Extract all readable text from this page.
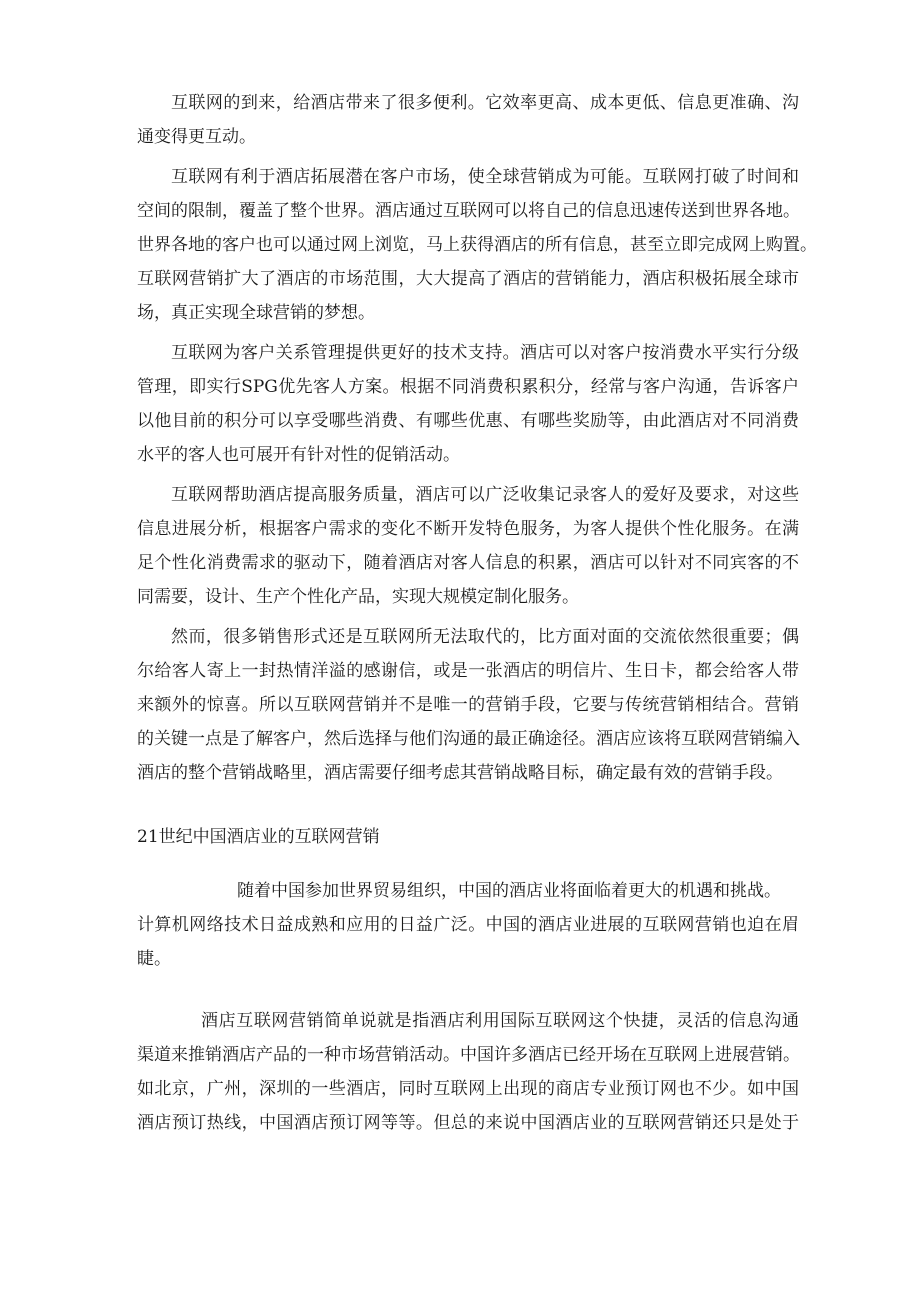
互联网的到来，给酒店带来了很多便利。它效率更高、成本更低、信息更准确、沟
通变得更互动。
互联网有利于酒店拓展潜在客户市场，使全球营销成为可能。互联网打破了时间和
空间的限制，覆盖了整个世界。酒店通过互联网可以将自己的信息迅速传送到世界各地。
世界各地的客户也可以通过网上浏览，马上获得酒店的所有信息，甚至立即完成网上购置。
互联网营销扩大了酒店的市场范围，大大提高了酒店的营销能力，酒店积极拓展全球市
场，真正实现全球营销的梦想。
互联网为客户关系管理提供更好的技术支持。酒店可以对客户按消费水平实行分级
管理，即实行SPG优先客人方案。根据不同消费积累积分，经常与客户沟通，告诉客户
以他目前的积分可以享受哪些消费、有哪些优惠、有哪些奖励等，由此酒店对不同消费
水平的客人也可展开有针对性的促销活动。
互联网帮助酒店提高服务质量，酒店可以广泛收集记录客人的爱好及要求，对这些
信息进展分析，根据客户需求的变化不断开发特色服务，为客人提供个性化服务。在满
足个性化消费需求的驱动下，随着酒店对客人信息的积累，酒店可以针对不同宾客的不
同需要，设计、生产个性化产品，实现大规模定制化服务。
然而，很多销售形式还是互联网所无法取代的，比方面对面的交流依然很重要；偶
尔给客人寄上一封热情洋溢的感谢信，或是一张酒店的明信片、生日卡，都会给客人带
来额外的惊喜。所以互联网营销并不是唯一的营销手段，它要与传统营销相结合。营销
的关键一点是了解客户，然后选择与他们沟通的最正确途径。酒店应该将互联网营销编入
酒店的整个营销战略里，酒店需要仔细考虑其营销战略目标，确定最有效的营销手段。
21世纪中国酒店业的互联网营销
随着中国参加世界贸易组织，中国的酒店业将面临着更大的机遇和挑战。
计算机网络技术日益成熟和应用的日益广泛。中国的酒店业进展的互联网营销也迫在眉
睫。
酒店互联网营销简单说就是指酒店利用国际互联网这个快捷，灵活的信息沟通
渠道来推销酒店产品的一种市场营销活动。中国许多酒店已经开场在互联网上进展营销。
如北京，广州，深圳的一些酒店，同时互联网上出现的商店专业预订网也不少。如中国
酒店预订热线，中国酒店预订网等等。但总的来说中国酒店业的互联网营销还只是处于
